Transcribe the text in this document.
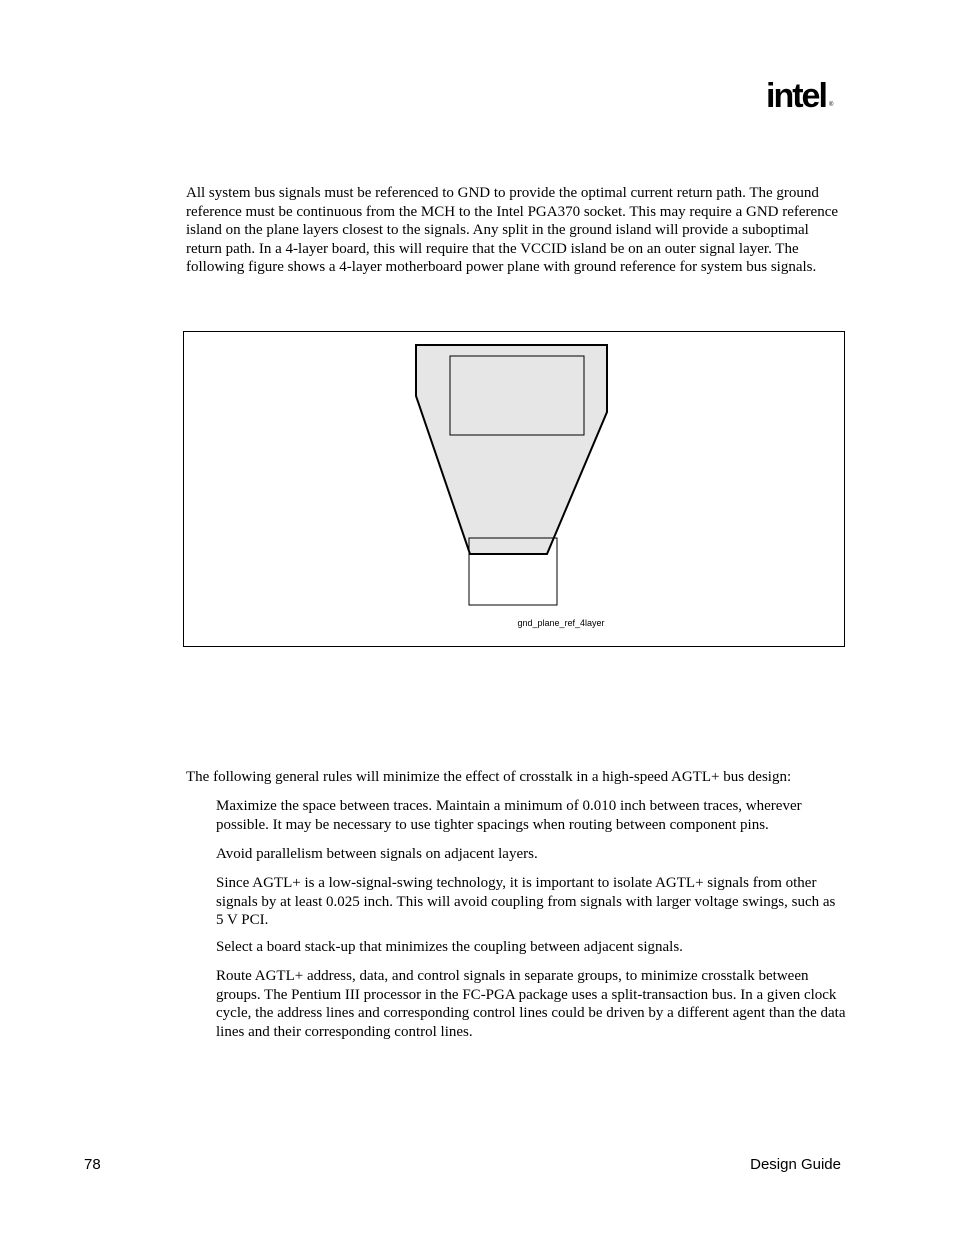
intel ®

All system bus signals must be referenced to GND to provide the optimal current return path. The ground reference must be continuous from the MCH to the Intel PGA370 socket. This may require a GND reference island on the plane layers closest to the signals. Any split in the ground island will provide a suboptimal return path. In a 4-layer board, this will require that the VCCID island be on an outer signal layer. The following figure shows a 4-layer motherboard power plane with ground reference for system bus signals.

gnd_plane_ref_4layer

The following general rules will minimize the effect of crosstalk in a high-speed AGTL+ bus design:

Maximize the space between traces. Maintain a minimum of 0.010 inch between traces, wherever possible. It may be necessary to use tighter spacings when routing between component pins.

Avoid parallelism between signals on adjacent layers.

Since AGTL+ is a low-signal-swing technology, it is important to isolate AGTL+ signals from other signals by at least 0.025 inch. This will avoid coupling from signals with larger voltage swings, such as 5 V PCI.

Select a board stack-up that minimizes the coupling between adjacent signals.

Route AGTL+ address, data, and control signals in separate groups, to minimize crosstalk between groups. The Pentium III processor in the FC-PGA package uses a split-transaction bus. In a given clock cycle, the address lines and corresponding control lines could be driven by a different agent than the data lines and their corresponding control lines.

78	Design Guide
